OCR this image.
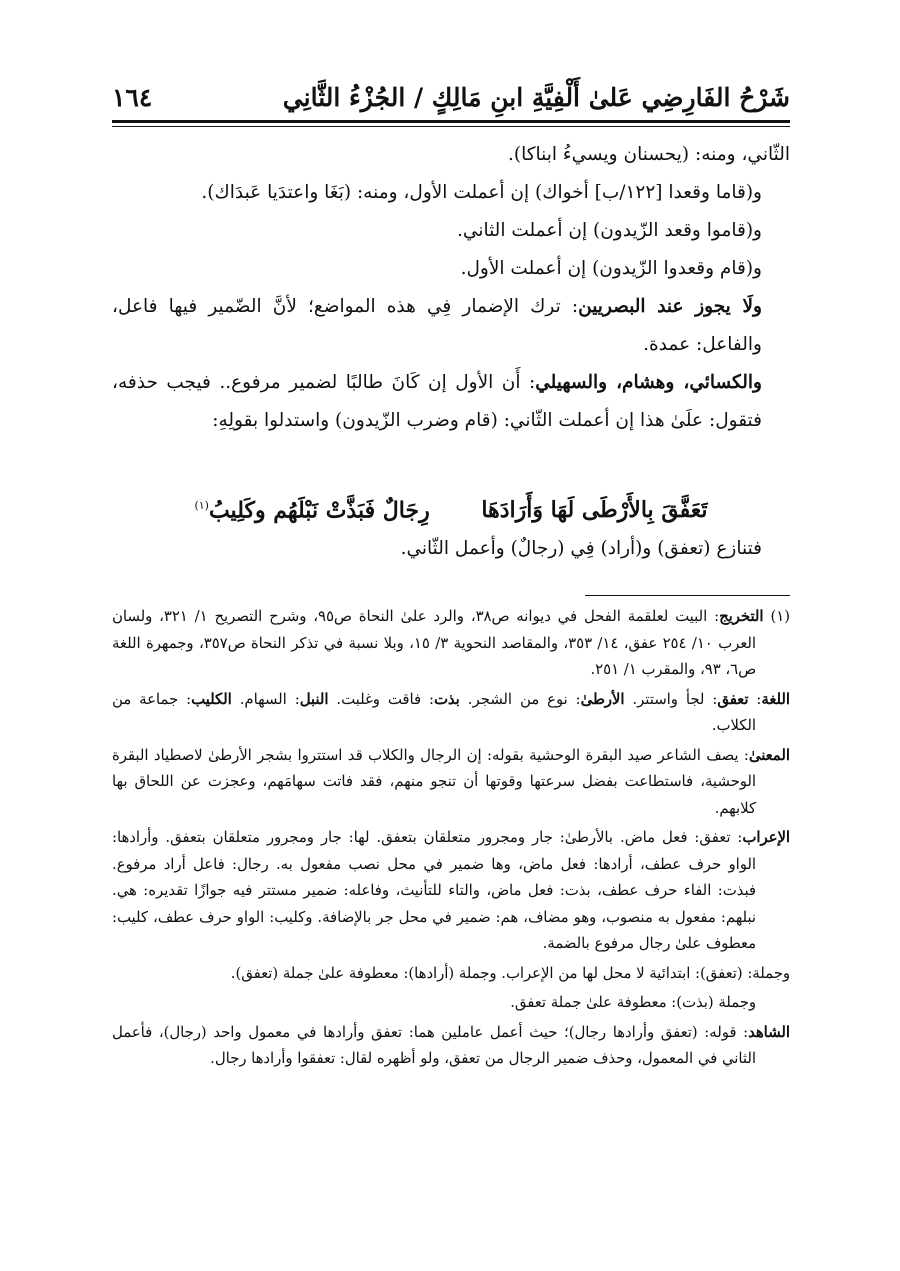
شَرْحُ الفَارِضِي عَلىٰ أَلْفِيَّةِ ابنِ مَالِكٍ / الجُزْءُ الثَّانِي
١٦٤

الثّاني، ومنه: (يحسنان ويسيءُ ابناكا).

و(قاما وقعدا [١٢٢/ب] أخواك) إن أعملت الأول، ومنه: (بَغَا واعتدَيا عَبدَاك).

و(قاموا وقعد الزّيدون) إن أعملت الثاني.

و(قام وقعدوا الزّيدون) إن أعملت الأول.

ولَا يجوز عند البصريين: ترك الإضمار فِي هذه المواضع؛ لأنَّ الضّمير فيها فاعل، والفاعل: عمدة.

والكسائي، وهشام، والسهيلي: أَن الأول إن كَانَ طالبًا لضمير مرفوع.. فيجب حذفه، فتقول: علَىٰ هذا إن أعملت الثّاني: (قام وضرب الزّيدون) واستدلوا بقولِهِ:

تَعَفَّقَ بِالأَرْطَى لَهَا وَأَرَادَهَا رِجَالٌ فَبَذَّتْ نَبْلَهُم وكَلِيبُ$^{(١)}$

فتنازع (تعفق) و(أراد) فِي (رجالٌ) وأعمل الثّاني.

(١) التخريج: البيت لعلقمة الفحل في ديوانه ص٣٨، والرد علىٰ النحاة ص٩٥، وشرح التصريح ١/ ٣٢١، ولسان العرب ١٠/ ٢٥٤ عفق، ١٤/ ٣٥٣، والمقاصد النحوية ٣/ ١٥، وبلا نسبة في تذكر النحاة ص٣٥٧، وجمهرة اللغة ص٦، ٩٣، والمقرب ١/ ٢٥١.

اللغة: تعفق: لجأ واستتر. الأرطىٰ: نوع من الشجر. بذت: فاقت وغلبت. النبل: السهام. الكليب: جماعة من الكلاب.

المعنىٰ: يصف الشاعر صيد البقرة الوحشية بقوله: إن الرجال والكلاب قد استتروا بشجر الأرطىٰ لاصطياد البقرة الوحشية، فاستطاعت بفضل سرعتها وقوتها أن تنجو منهم، فقد فاتت سهامَهم، وعجزت عن اللحاق بها كلابهم.

الإعراب: تعفق: فعل ماض. بالأرطىٰ: جار ومجرور متعلقان بتعفق. لها: جار ومجرور متعلقان بتعفق. وأرادها: الواو حرف عطف، أرادها: فعل ماض، وها ضمير في محل نصب مفعول به. رجال: فاعل أراد مرفوع. فبذت: الفاء حرف عطف، بذت: فعل ماض، والتاء للتأنيث، وفاعله: ضمير مستتر فيه جوازًا تقديره: هي. نبلهم: مفعول به منصوب، وهو مضاف، هم: ضمير في محل جر بالإضافة. وكليب: الواو حرف عطف، كليب: معطوف علىٰ رجال مرفوع بالضمة.

وجملة: (تعفق): ابتدائية لا محل لها من الإعراب. وجملة (أرادها): معطوفة علىٰ جملة (تعفق).

وجملة (بذت): معطوفة علىٰ جملة تعفق.

الشاهد: قوله: (تعفق وأرادها رجال)؛ حيث أعمل عاملين هما: تعفق وأرادها في معمول واحد (رجال)، فأعمل الثاني في المعمول، وحذف ضمير الرجال من تعفق، ولو أظهره لقال: تعفقوا وأرادها رجال.
